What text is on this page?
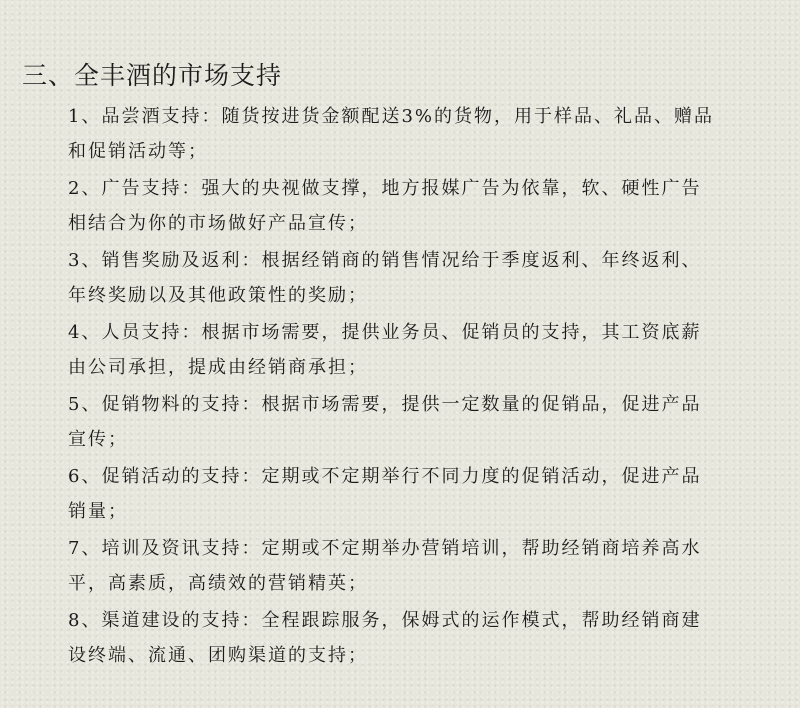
三、全丰酒的市场支持
1、品尝酒支持：随货按进货金额配送3%的货物，用于样品、礼品、赠品
和促销活动等；
2、广告支持：强大的央视做支撑，地方报媒广告为依靠，软、硬性广告
相结合为你的市场做好产品宣传；
3、销售奖励及返利：根据经销商的销售情况给于季度返利、年终返利、
年终奖励以及其他政策性的奖励；
4、人员支持：根据市场需要，提供业务员、促销员的支持，其工资底薪
由公司承担，提成由经销商承担；
5、促销物料的支持：根据市场需要，提供一定数量的促销品，促进产品
宣传；
6、促销活动的支持：定期或不定期举行不同力度的促销活动，促进产品
销量；
7、培训及资讯支持：定期或不定期举办营销培训，帮助经销商培养高水
平，高素质，高绩效的营销精英；
8、渠道建设的支持：全程跟踪服务，保姆式的运作模式，帮助经销商建
设终端、流通、团购渠道的支持；
